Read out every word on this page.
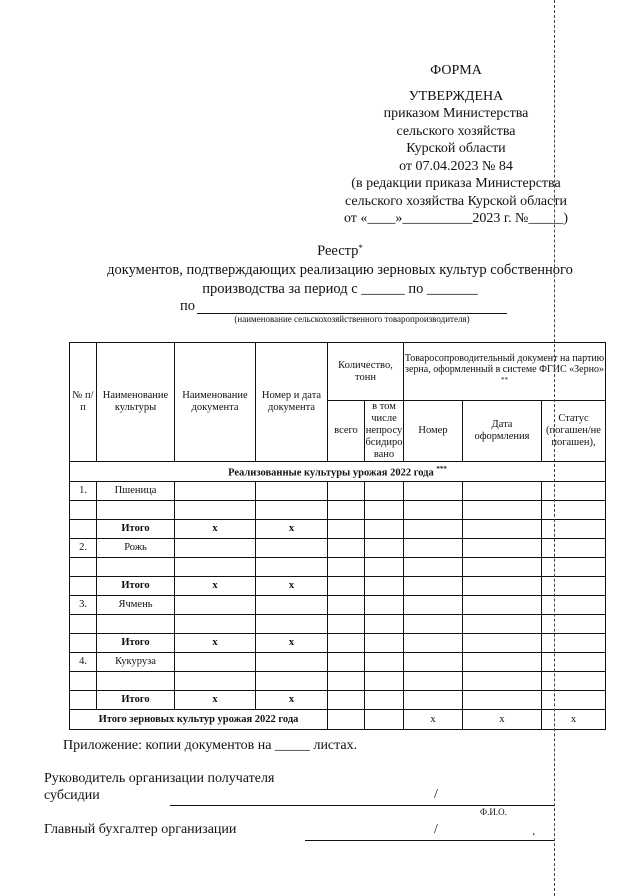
ФОРМА
УТВЕРЖДЕНА
приказом Министерства
сельского хозяйства
Курской области
от 07.04.2023 № 84
(в редакции приказа Министерства
сельского хозяйства Курской области
от «____»__________2023 г. №_____)
Реестр*
документов, подтверждающих реализацию зерновых культур собственного
производства за период с ______ по _______
по
(наименование сельскохозяйственного товаропроизводителя)
№ п/п	Наименование культуры	Наименование документа	Номер и дата документа	Количество, тонн		Товаросопроводительный документ на партию зерна, оформленный в системе ФГИС «Зерно» **
				всего	в том числе непросу бсидиро вано	Номер	Дата оформления	Статус (погашен/не погашен),
Реализованные культуры урожая 2022 года ***
1.	Пшеница							

	Итого	х	х					
2.	Рожь							

	Итого	х	х					
3.	Ячмень							

	Итого	х	х					
4.	Кукуруза							

	Итого	х	х					
Итого зерновых культур урожая 2022 года						х	х	х
Приложение: копии документов на _____ листах.
Руководитель организации получателя
субсидии	/
Ф.И.О.
Главный бухгалтер организации	/	.
